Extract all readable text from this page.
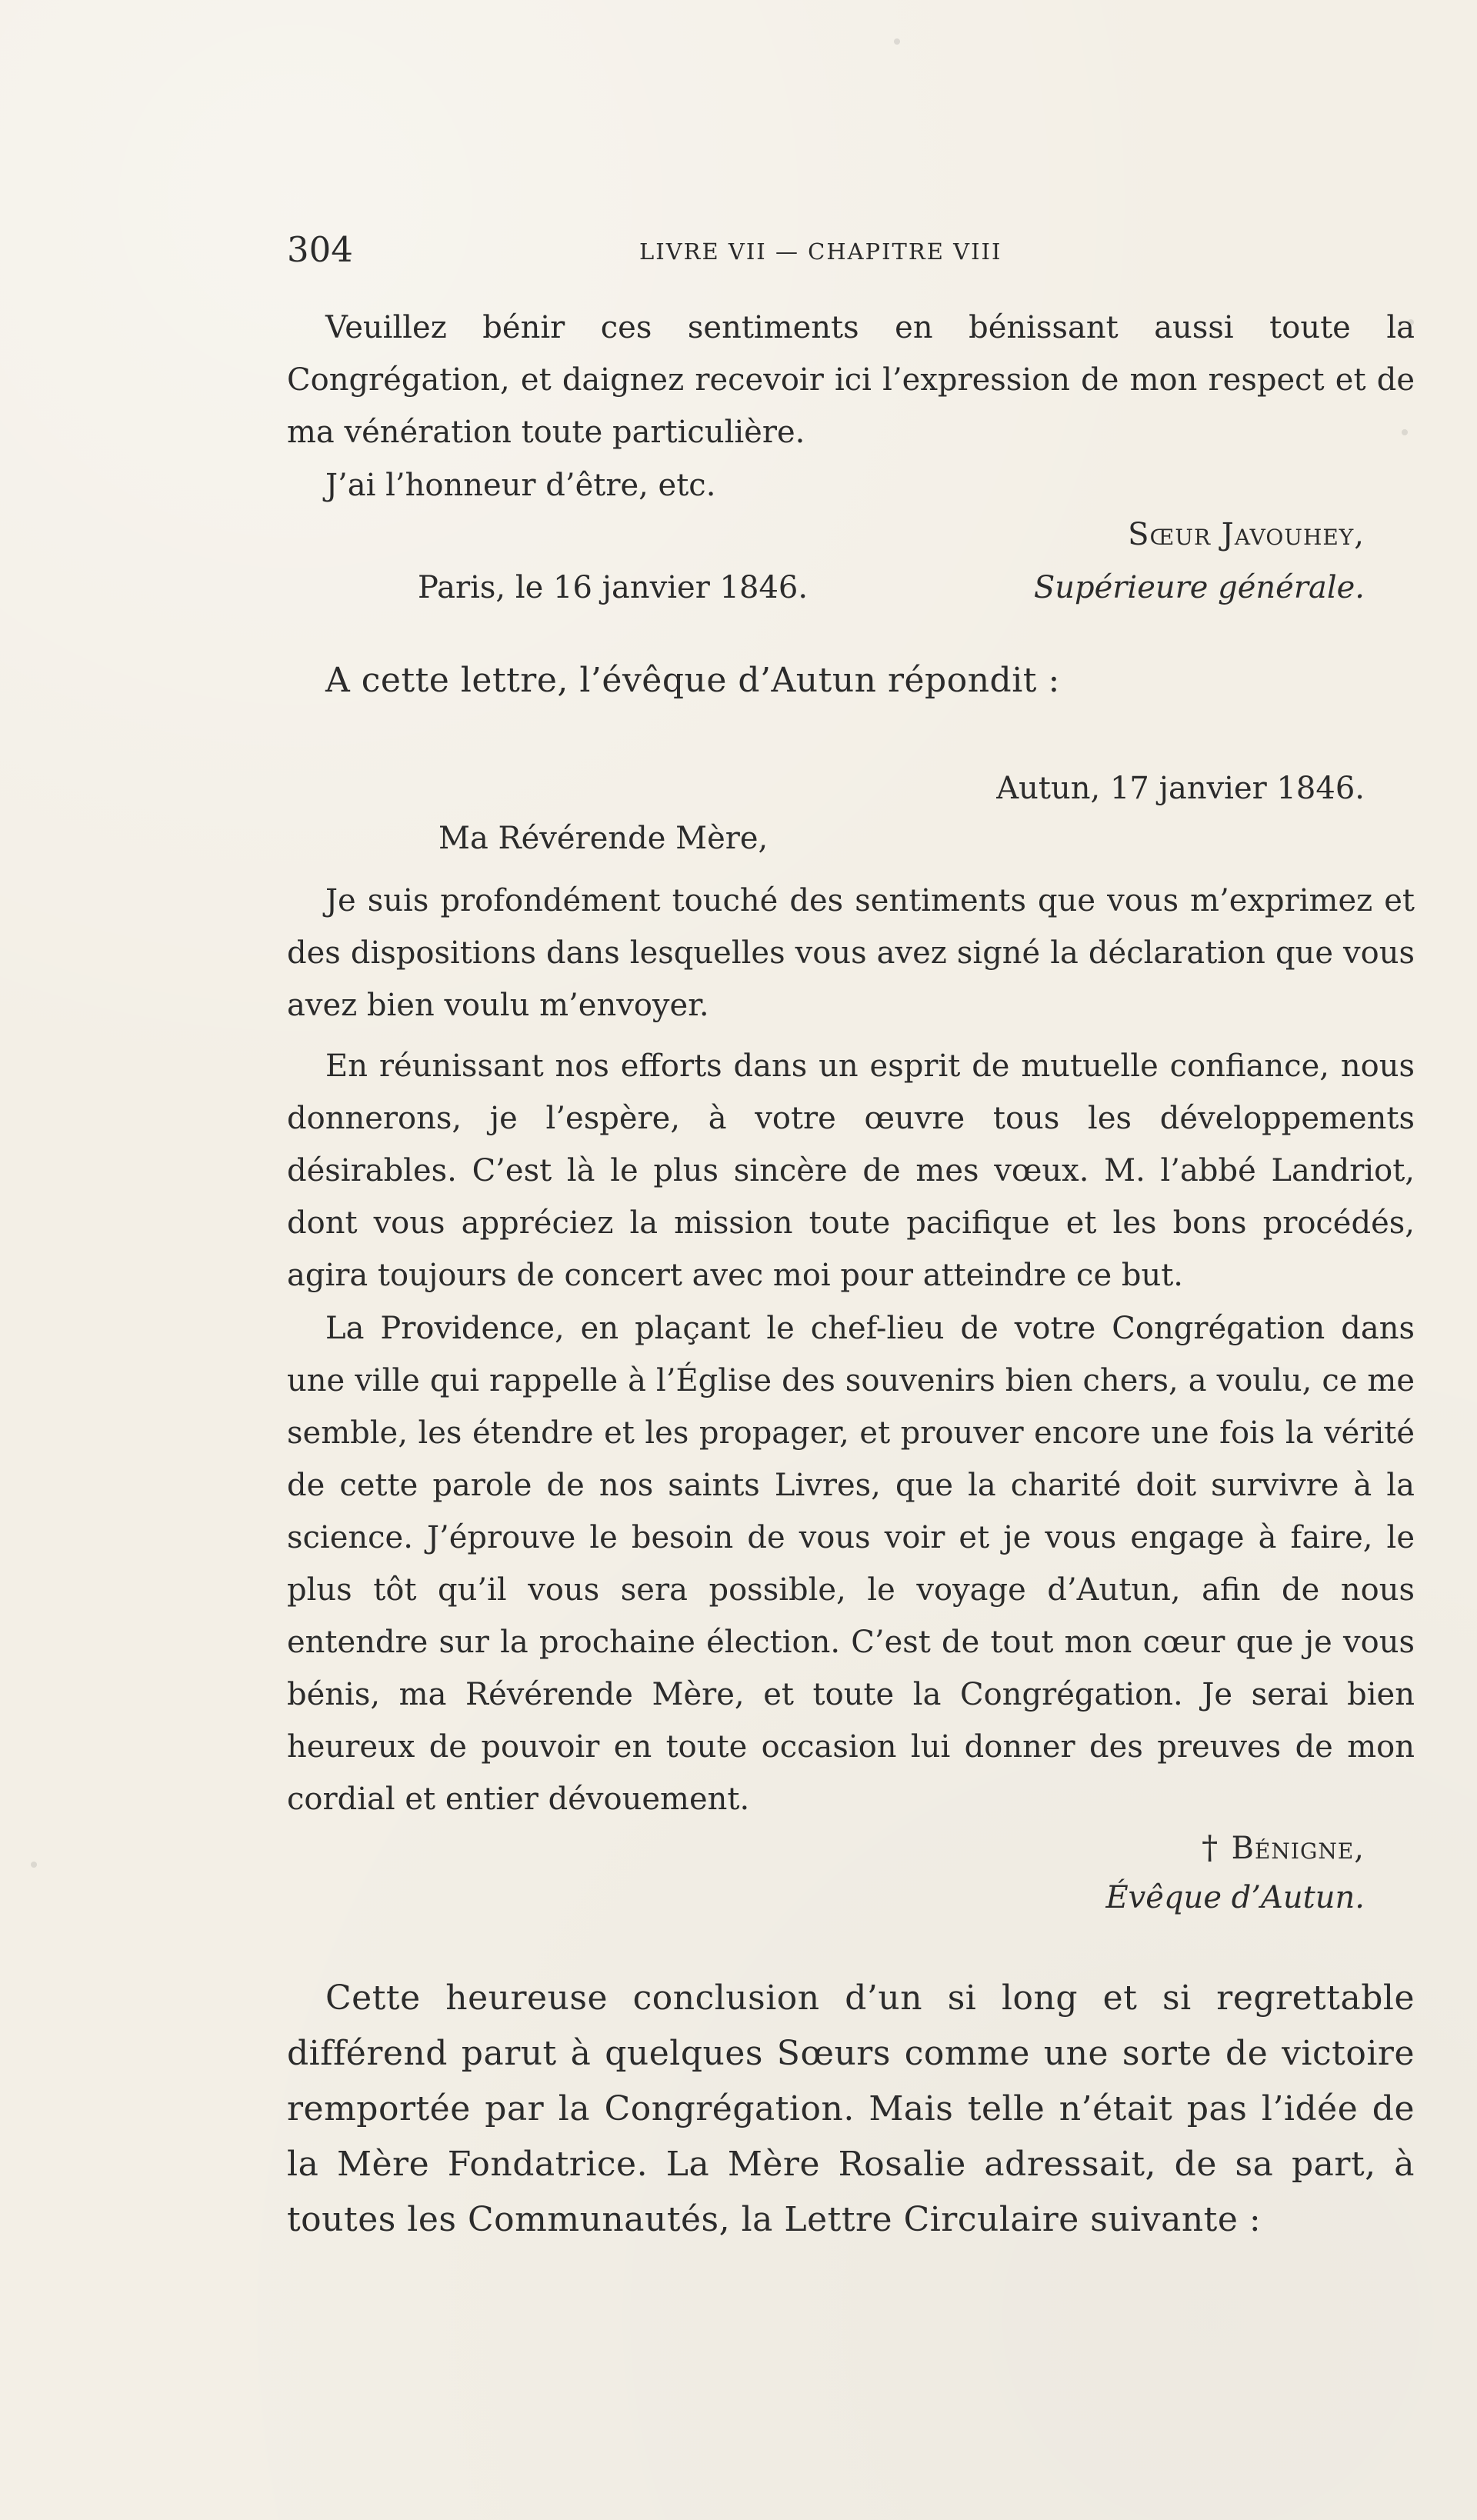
304	LIVRE VII — CHAPITRE VIII
Veuillez bénir ces sentiments en bénissant aussi toute la Congrégation, et daignez recevoir ici l’expression de mon respect et de ma vénération toute particulière.
J’ai l’honneur d’être, etc.
Sœur Javouhey,
Paris, le 16 janvier 1846.	Supérieure générale.
A cette lettre, l’évêque d’Autun répondit :
Autun, 17 janvier 1846.
Ma Révérende Mère,
Je suis profondément touché des sentiments que vous m’exprimez et des dispositions dans lesquelles vous avez signé la déclaration que vous avez bien voulu m’envoyer.
En réunissant nos efforts dans un esprit de mutuelle confiance, nous donnerons, je l’espère, à votre œuvre tous les développements désirables. C’est là le plus sincère de mes vœux. M. l’abbé Landriot, dont vous appréciez la mission toute pacifique et les bons procédés, agira toujours de concert avec moi pour atteindre ce but.
La Providence, en plaçant le chef-lieu de votre Congrégation dans une ville qui rappelle à l’Église des souvenirs bien chers, a voulu, ce me semble, les étendre et les propager, et prouver encore une fois la vérité de cette parole de nos saints Livres, que la charité doit survivre à la science. J’éprouve le besoin de vous voir et je vous engage à faire, le plus tôt qu’il vous sera possible, le voyage d’Autun, afin de nous entendre sur la prochaine élection. C’est de tout mon cœur que je vous bénis, ma Révérende Mère, et toute la Congrégation. Je serai bien heureux de pouvoir en toute occasion lui donner des preuves de mon cordial et entier dévouement.
† Bénigne,
Évêque d’Autun.
Cette heureuse conclusion d’un si long et si regrettable différend parut à quelques Sœurs comme une sorte de victoire remportée par la Congrégation. Mais telle n’était pas l’idée de la Mère Fondatrice. La Mère Rosalie adressait, de sa part, à toutes les Communautés, la Lettre Circulaire suivante :
